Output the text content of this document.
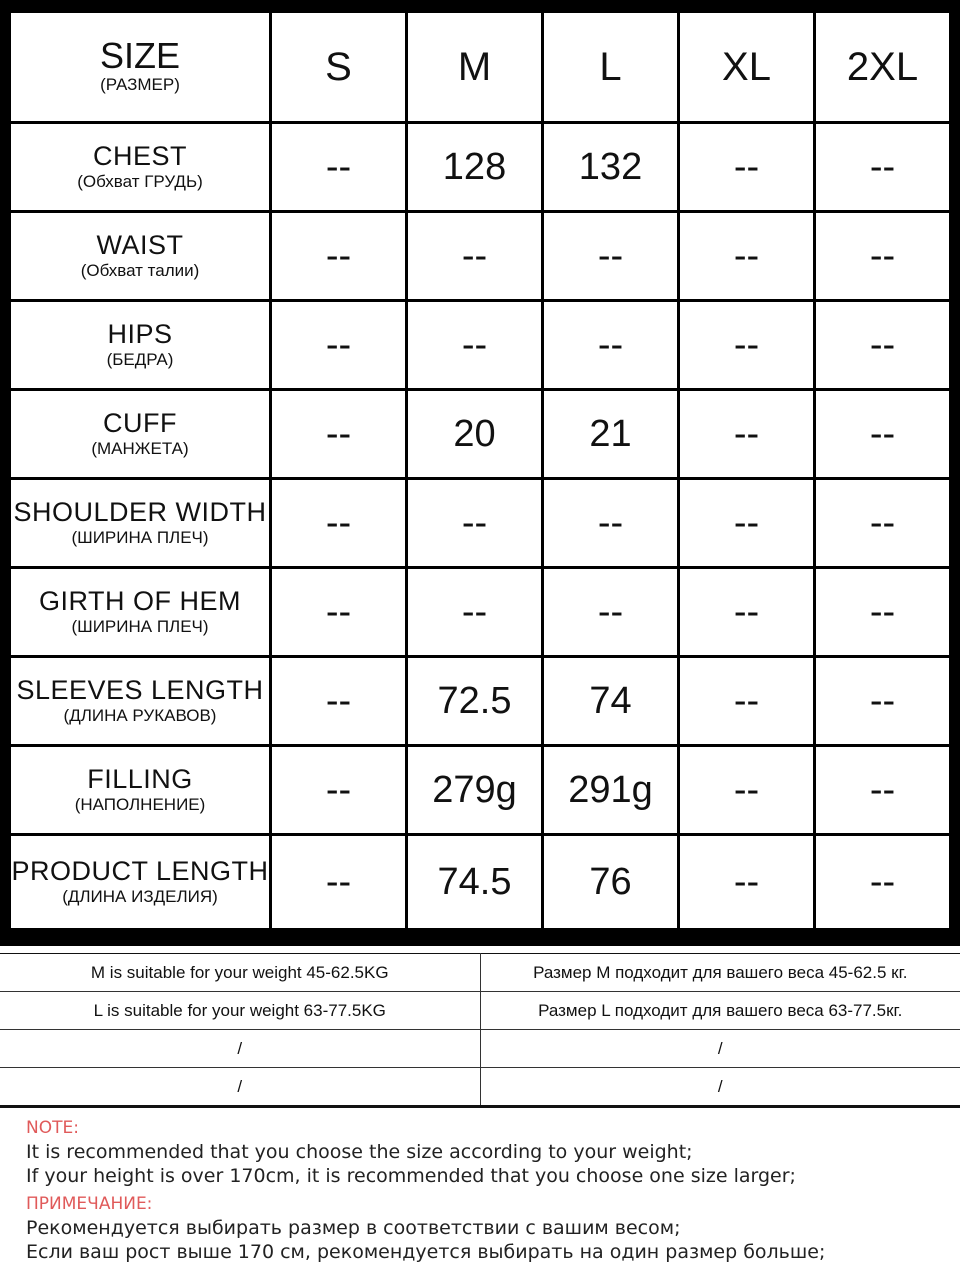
SIZE
(РАЗМЕР)	S	M	L	XL	2XL

CHEST
(Обхват ГРУДЬ)	--	128	132	--	--

WAIST
(Обхват талии)	--	--	--	--	--

HIPS
(БЕДРА)	--	--	--	--	--

CUFF
(МАНЖЕТА)	--	20	21	--	--

SHOULDER WIDTH
(ШИРИНА ПЛЕЧ)	--	--	--	--	--

GIRTH OF HEM
(ШИРИНА ПЛЕЧ)	--	--	--	--	--

SLEEVES LENGTH
(ДЛИНА РУКАВОВ)	--	72.5	74	--	--

FILLING
(НАПОЛНЕНИЕ)	--	279g	291g	--	--

PRODUCT LENGTH
(ДЛИНА ИЗДЕЛИЯ)	--	74.5	76	--	--
M is suitable for your weight 45-62.5KG	Размер M подходит для вашего веса 45-62.5 кг.
L is suitable for your weight 63-77.5KG	Размер L подходит для вашего веса 63-77.5кг.
/	/
/	/
NOTE:
It is recommended that you choose the size according to your weight;
If your height is over 170cm, it is recommended that you choose one size larger;
ПРИМЕЧАНИЕ:
Рекомендуется выбирать размер в соответствии с вашим весом;
Если ваш рост выше 170 см, рекомендуется выбирать на один размер больше;
